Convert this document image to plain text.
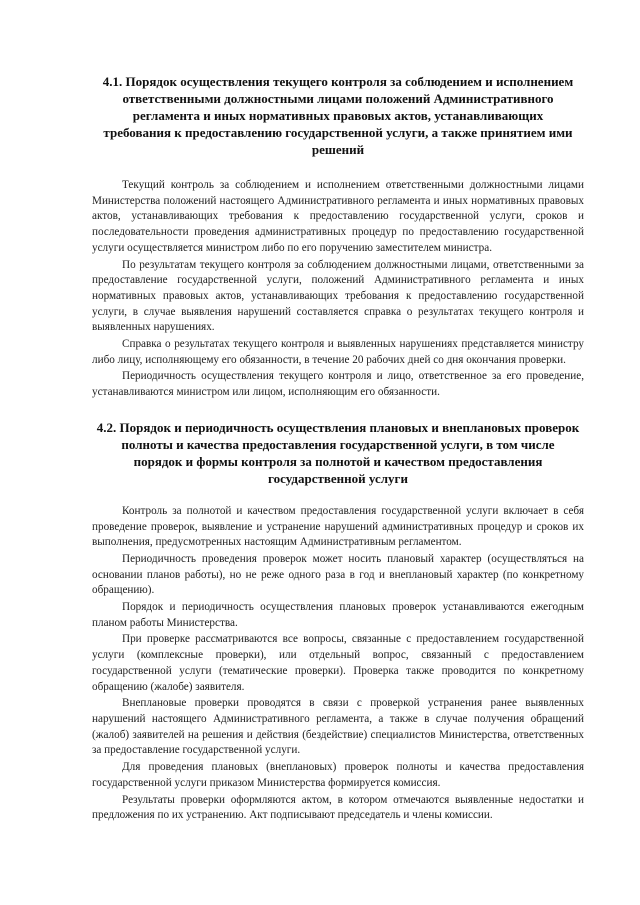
4.1. Порядок осуществления текущего контроля за соблюдением и исполнением ответственными должностными лицами положений Административного регламента и иных нормативных правовых актов, устанавливающих требования к предоставлению государственной услуги, а также принятием ими решений

Текущий контроль за соблюдением и исполнением ответственными должностными лицами Министерства положений настоящего Административного регламента и иных нормативных правовых актов, устанавливающих требования к предоставлению государственной услуги, сроков и последовательности проведения административных процедур по предоставлению государственной услуги осуществляется министром либо по его поручению заместителем министра.

По результатам текущего контроля за соблюдением должностными лицами, ответственными за предоставление государственной услуги, положений Административного регламента и иных нормативных правовых актов, устанавливающих требования к предоставлению государственной услуги, в случае выявления нарушений составляется справка о результатах текущего контроля и выявленных нарушениях.

Справка о результатах текущего контроля и выявленных нарушениях представляется министру либо лицу, исполняющему его обязанности, в течение 20 рабочих дней со дня окончания проверки.

Периодичность осуществления текущего контроля и лицо, ответственное за его проведение, устанавливаются министром или лицом, исполняющим его обязанности.

4.2. Порядок и периодичность осуществления плановых и внеплановых проверок полноты и качества предоставления государственной услуги, в том числе порядок и формы контроля за полнотой и качеством предоставления государственной услуги

Контроль за полнотой и качеством предоставления государственной услуги включает в себя проведение проверок, выявление и устранение нарушений административных процедур и сроков их выполнения, предусмотренных настоящим Административным регламентом.

Периодичность проведения проверок может носить плановый характер (осуществляться на основании планов работы), но не реже одного раза в год и внеплановый характер (по конкретному обращению).

Порядок и периодичность осуществления плановых проверок устанавливаются ежегодным планом работы Министерства.

При проверке рассматриваются все вопросы, связанные с предоставлением государственной услуги (комплексные проверки), или отдельный вопрос, связанный с предоставлением государственной услуги (тематические проверки). Проверка также проводится по конкретному обращению (жалобе) заявителя.

Внеплановые проверки проводятся в связи с проверкой устранения ранее выявленных нарушений настоящего Административного регламента, а также в случае получения обращений (жалоб) заявителей на решения и действия (бездействие) специалистов Министерства, ответственных за предоставление государственной услуги.

Для проведения плановых (внеплановых) проверок полноты и качества предоставления государственной услуги приказом Министерства формируется комиссия.

Результаты проверки оформляются актом, в котором отмечаются выявленные недостатки и предложения по их устранению. Акт подписывают председатель и члены комиссии.
